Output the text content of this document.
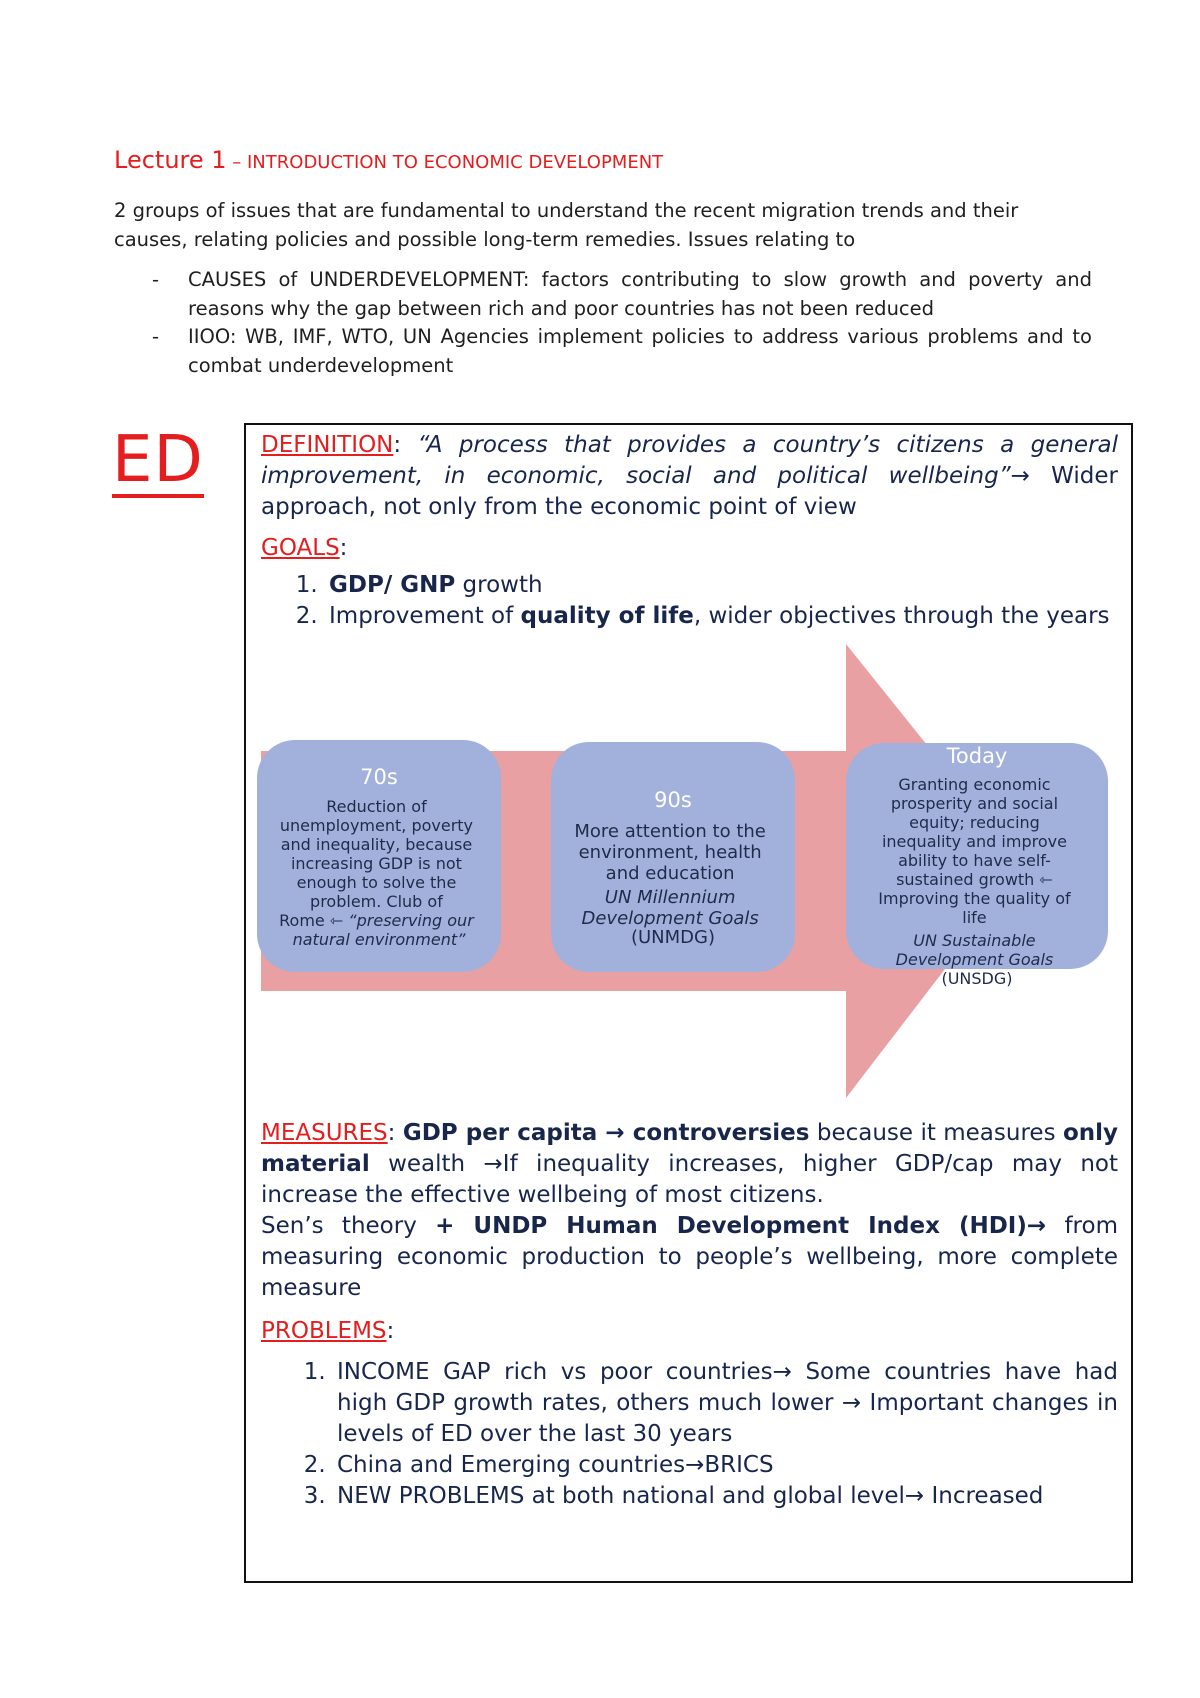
Lecture 1 – INTRODUCTION TO ECONOMIC DEVELOPMENT
2 groups of issues that are fundamental to understand the recent migration trends and their causes, relating policies and possible long-term remedies. Issues relating to
- CAUSES of UNDERDEVELOPMENT: factors contributing to slow growth and poverty and reasons why the gap between rich and poor countries has not been reduced
- IIOO: WB, IMF, WTO, UN Agencies implement policies to address various problems and to combat underdevelopment
ED DEFINITION: “A process that provides a country’s citizens a general improvement, in economic, social and political wellbeing”→ Wider approach, not only from the economic point of view

GOALS:
1. GDP/ GNP growth
2. Improvement of quality of life, wider objectives through the years
70s
Reduction of unemployment, poverty and inequality, because increasing GDP is not enough to solve the problem. Club of Rome ⇽ “preserving our natural environment”
90s
More attention to the environment, health and education UN Millennium Development Goals (UNMDG)
Today
Granting economic prosperity and social equity; reducing inequality and improve ability to have self- sustained growth ⇽ Improving the quality of life UN Sustainable Development Goals (UNSDG)

MEASURES: GDP per capita → controversies because it measures only material wealth →If inequality increases, higher GDP/cap may not increase the effective wellbeing of most citizens.
Sen’s theory + UNDP Human Development Index (HDI)→ from measuring economic production to people’s wellbeing, more complete measure

PROBLEMS:
1. INCOME GAP rich vs poor countries→ Some countries have had high GDP growth rates, others much lower → Important changes in levels of ED over the last 30 years
2. China and Emerging countries→BRICS
3. NEW PROBLEMS at both national and global level→ Increased
